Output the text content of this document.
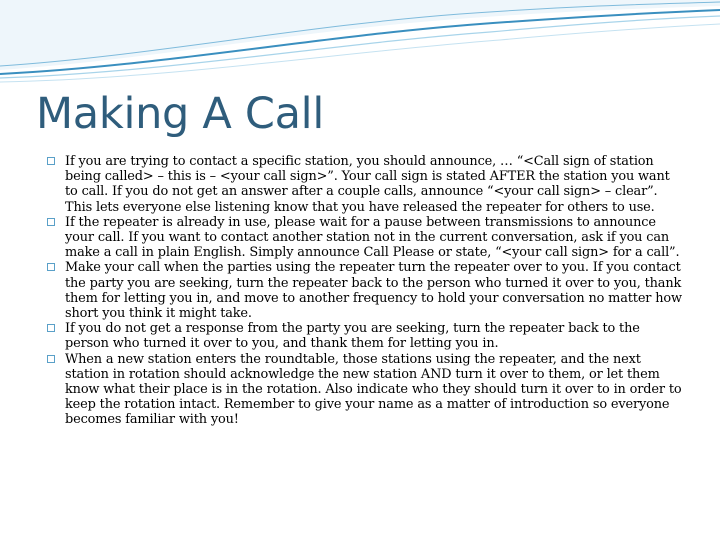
Making A Call
If you are trying to contact a specific station, you should announce, … “<Call sign of station being called> – this is – <your call sign>”. Your call sign is stated AFTER the station you want to call. If you do not get an answer after a couple calls, announce “<your call sign> – clear”. This lets everyone else listening know that you have released the repeater for others to use.
If the repeater is already in use, please wait for a pause between transmissions to announce your call. If you want to contact another station not in the current conversation, ask if you can make a call in plain English. Simply announce Call Please or state, “<your call sign> for a call”.
Make your call when the parties using the repeater turn the repeater over to you. If you contact the party you are seeking, turn the repeater back to the person who turned it over to you, thank them for letting you in, and move to another frequency to hold your conversation no matter how short you think it might take.
If you do not get a response from the party you are seeking, turn the repeater back to the person who turned it over to you, and thank them for letting you in.
When a new station enters the roundtable, those stations using the repeater, and the next station in rotation should acknowledge the new station AND turn it over to them, or let them know what their place is in the rotation. Also indicate who they should turn it over to in order to keep the rotation intact. Remember to give your name as a matter of introduction so everyone becomes familiar with you!
